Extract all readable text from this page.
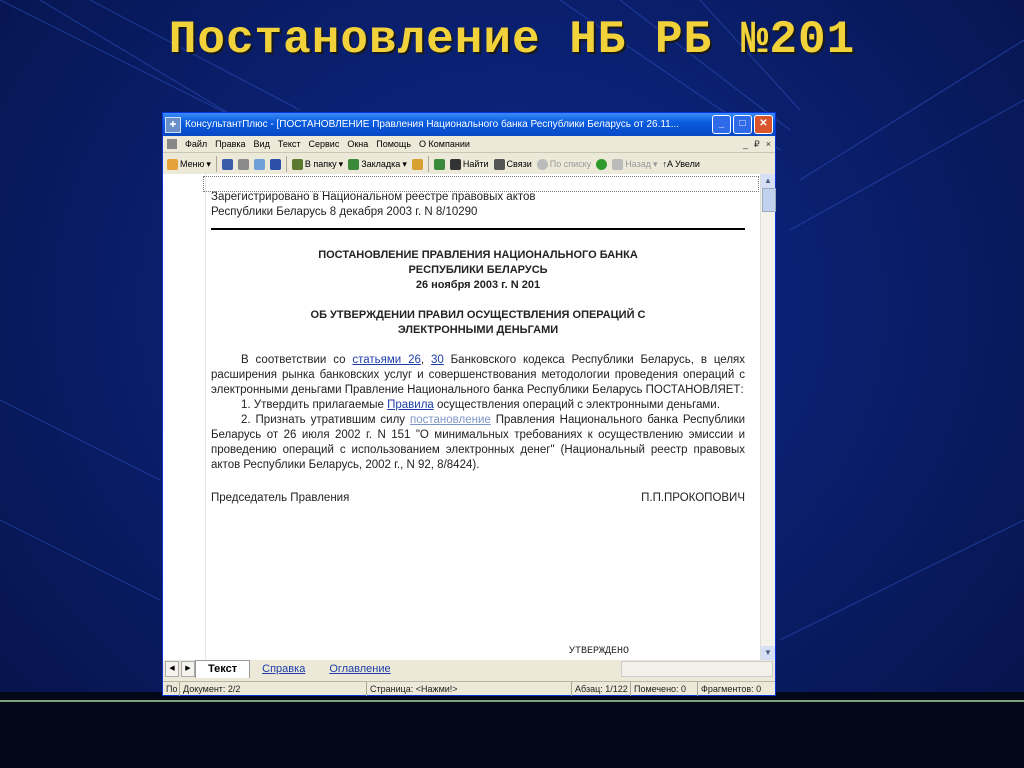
Постановление НБ РБ №201
✚ КонсультантПлюс - [ПОСТАНОВЛЕНИЕ Правления Национального банка Республики Беларусь от 26.11...	_	□	✕
Файл Правка Вид Текст Сервис Окна Помощь О Компании	_ ₽ ×
Меню ▾	В папку ▾ Закладка ▾	Найти Связи По списку	Назад ▾ ↑A Увели
Зарегистрировано в Национальном реестре правовых актов
Республики Беларусь 8 декабря 2003 г. N 8/10290
ПОСТАНОВЛЕНИЕ ПРАВЛЕНИЯ НАЦИОНАЛЬНОГО БАНКА
РЕСПУБЛИКИ БЕЛАРУСЬ
26 ноября 2003 г. N 201
ОБ УТВЕРЖДЕНИИ ПРАВИЛ ОСУЩЕСТВЛЕНИЯ ОПЕРАЦИЙ С
ЭЛЕКТРОННЫМИ ДЕНЬГАМИ

В соответствии со статьями 26, 30 Банковского кодекса Республики Беларусь, в целях расширения рынка банковских услуг и совершенствования методологии проведения операций с электронными деньгами Правление Национального банка Республики Беларусь ПОСТАНОВЛЯЕТ:

1. Утвердить прилагаемые Правила осуществления операций с электронными деньгами.

2. Признать утратившим силу постановление Правления Национального банка Республики Беларусь от 26 июля 2002 г. N 151 "О минимальных требованиях к осуществлению эмиссии и проведению операций с использованием электронных денег" (Национальный реестр правовых актов Республики Беларусь, 2002 г., N 92, 8/8424).

Председатель Правления	П.П.ПРОКОПОВИЧ
УТВЕРЖДЕНО
▲
▼
◀	▶	Текст	Справка	Оглавление
По Документ: 2/2	Страница: <Нажми!>	Абзац: 1/122 Помечено: 0	Фрагментов: 0
